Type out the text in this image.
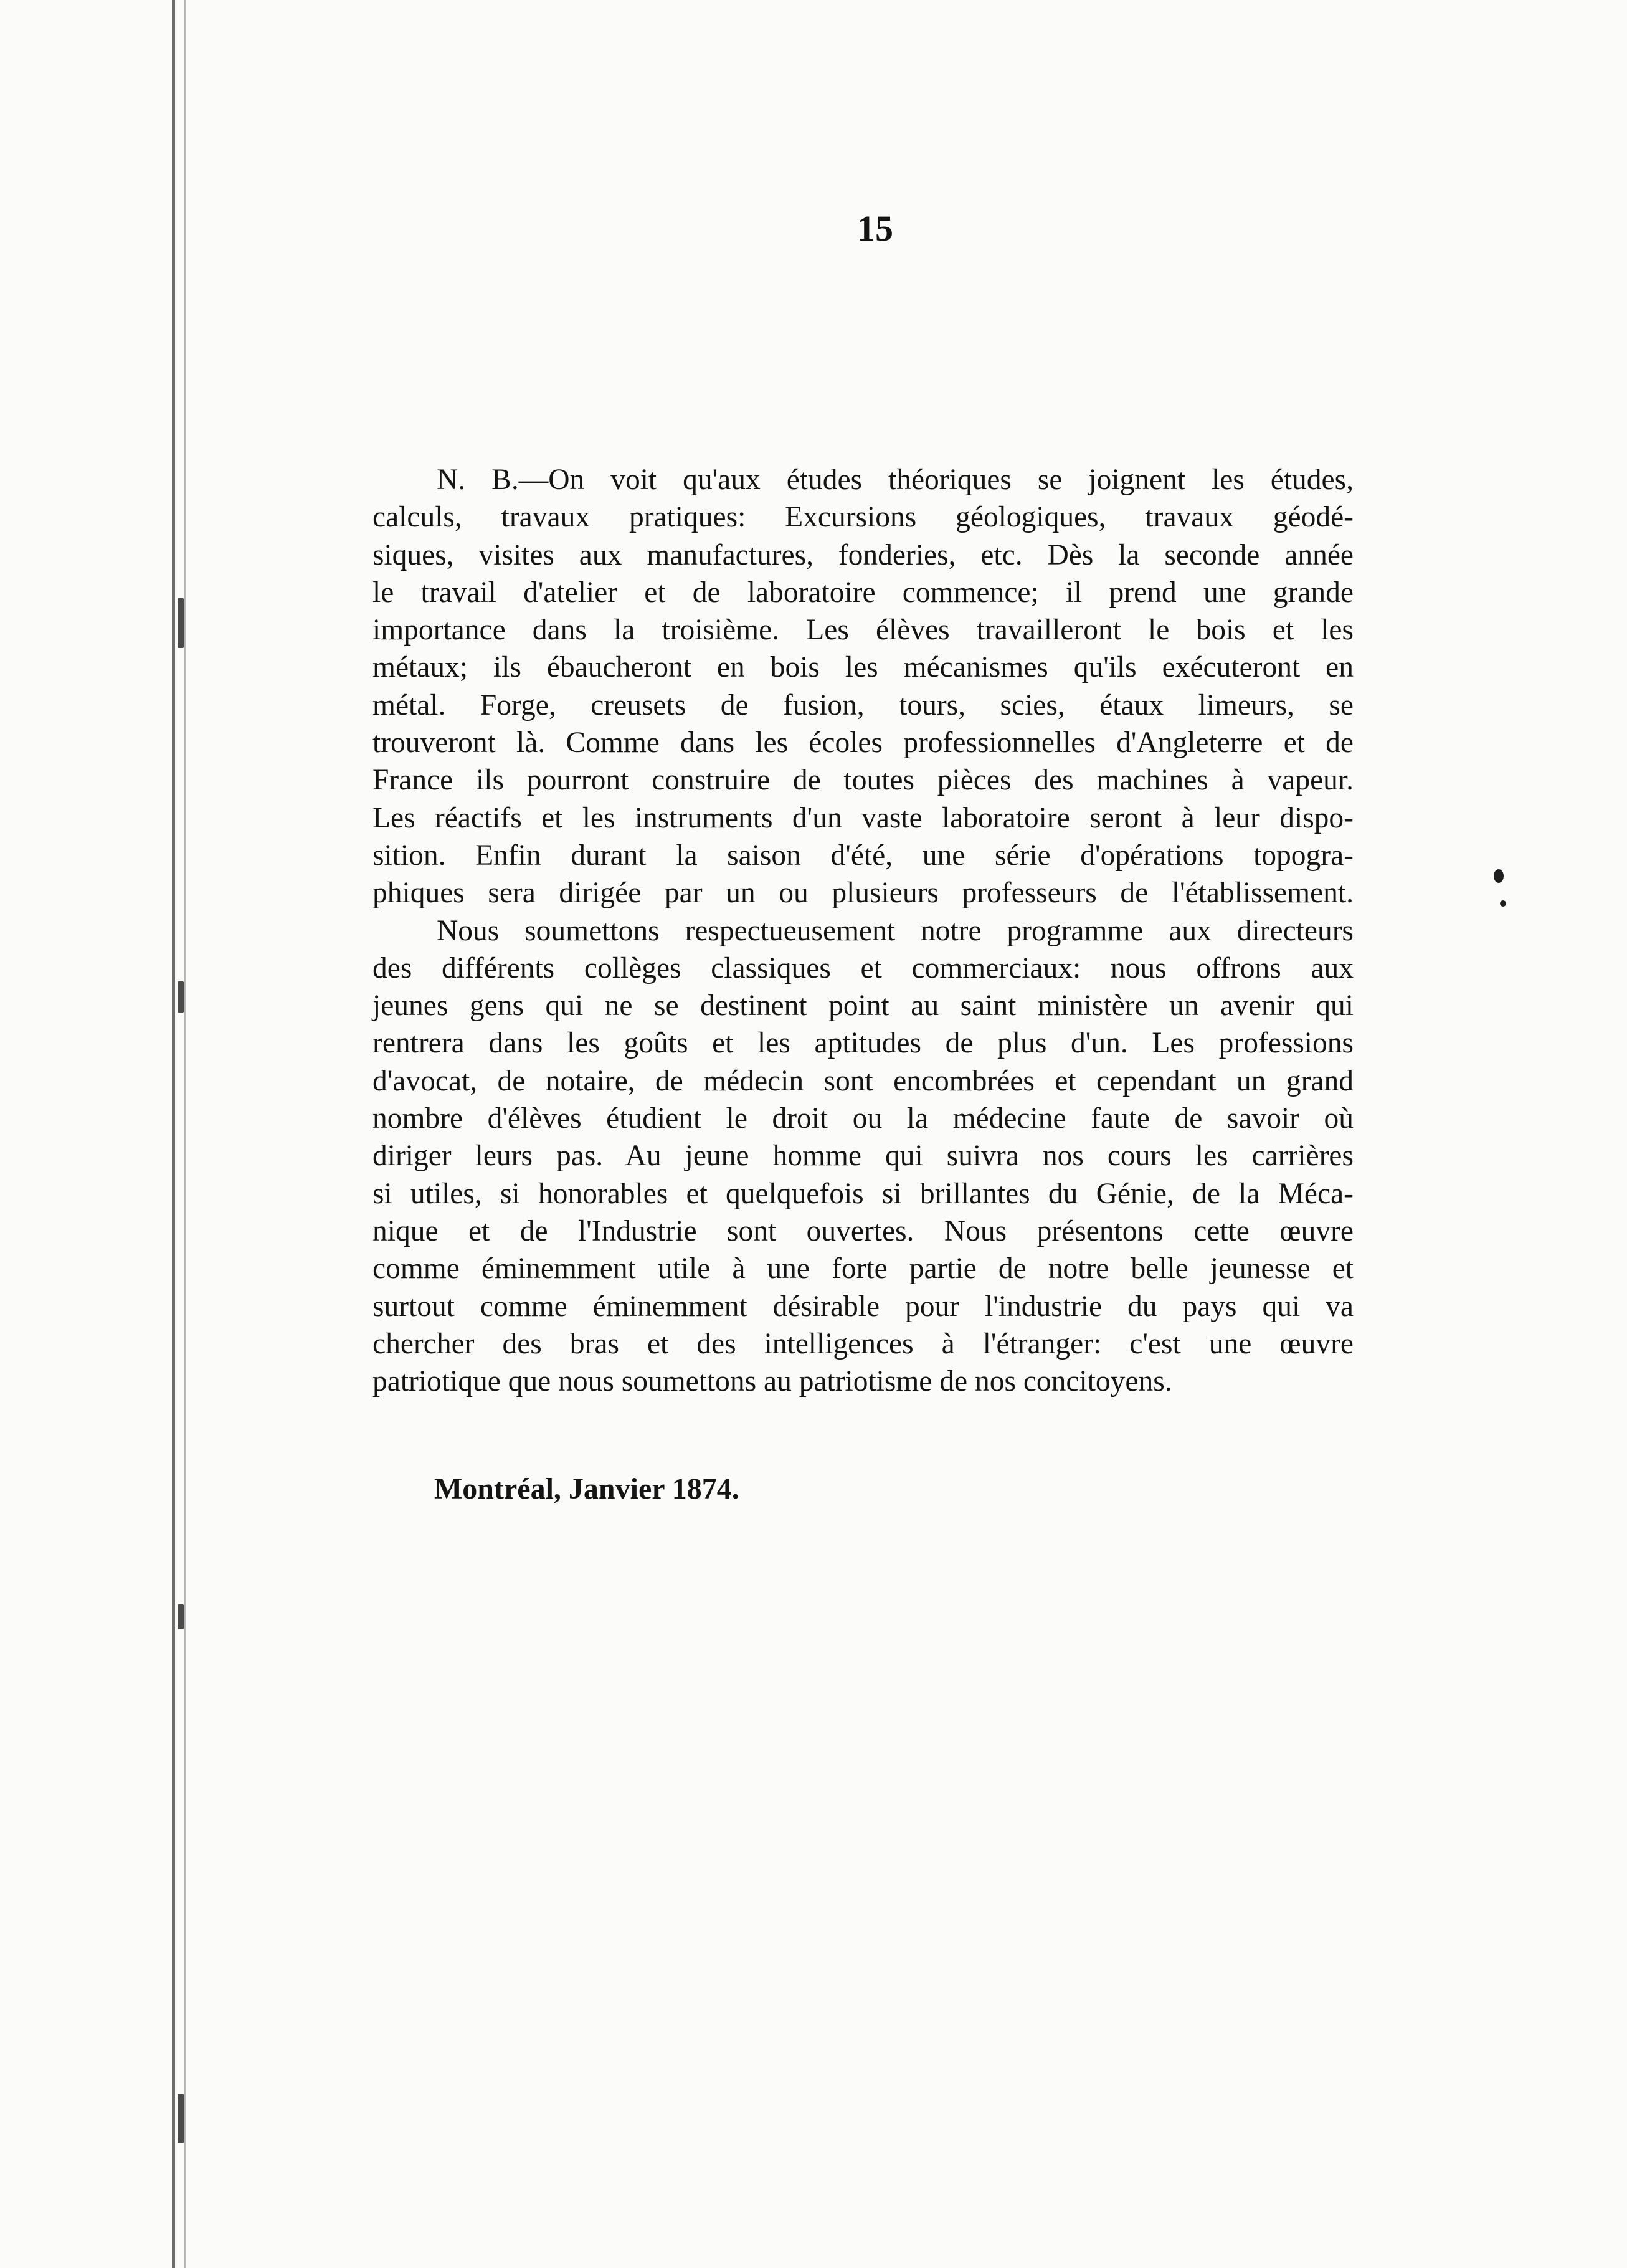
15

N. B.—On voit qu'aux études théoriques se joignent les études,
calculs, travaux pratiques: Excursions géologiques, travaux géodé-
siques, visites aux manufactures, fonderies, etc. Dès la seconde année
le travail d'atelier et de laboratoire commence; il prend une grande
importance dans la troisième. Les élèves travailleront le bois et les
métaux; ils ébaucheront en bois les mécanismes qu'ils exécuteront en
métal. Forge, creusets de fusion, tours, scies, étaux limeurs, se
trouveront là. Comme dans les écoles professionnelles d'Angleterre et de
France ils pourront construire de toutes pièces des machines à vapeur.
Les réactifs et les instruments d'un vaste laboratoire seront à leur dispo-
sition. Enfin durant la saison d'été, une série d'opérations topogra-
phiques sera dirigée par un ou plusieurs professeurs de l'établissement.

Nous soumettons respectueusement notre programme aux directeurs
des différents collèges classiques et commerciaux: nous offrons aux
jeunes gens qui ne se destinent point au saint ministère un avenir qui
rentrera dans les goûts et les aptitudes de plus d'un. Les professions
d'avocat, de notaire, de médecin sont encombrées et cependant un grand
nombre d'élèves étudient le droit ou la médecine faute de savoir où
diriger leurs pas. Au jeune homme qui suivra nos cours les carrières
si utiles, si honorables et quelquefois si brillantes du Génie, de la Méca-
nique et de l'Industrie sont ouvertes. Nous présentons cette œuvre
comme éminemment utile à une forte partie de notre belle jeunesse et
surtout comme éminemment désirable pour l'industrie du pays qui va
chercher des bras et des intelligences à l'étranger: c'est une œuvre
patriotique que nous soumettons au patriotisme de nos concitoyens.

Montréal, Janvier 1874.
